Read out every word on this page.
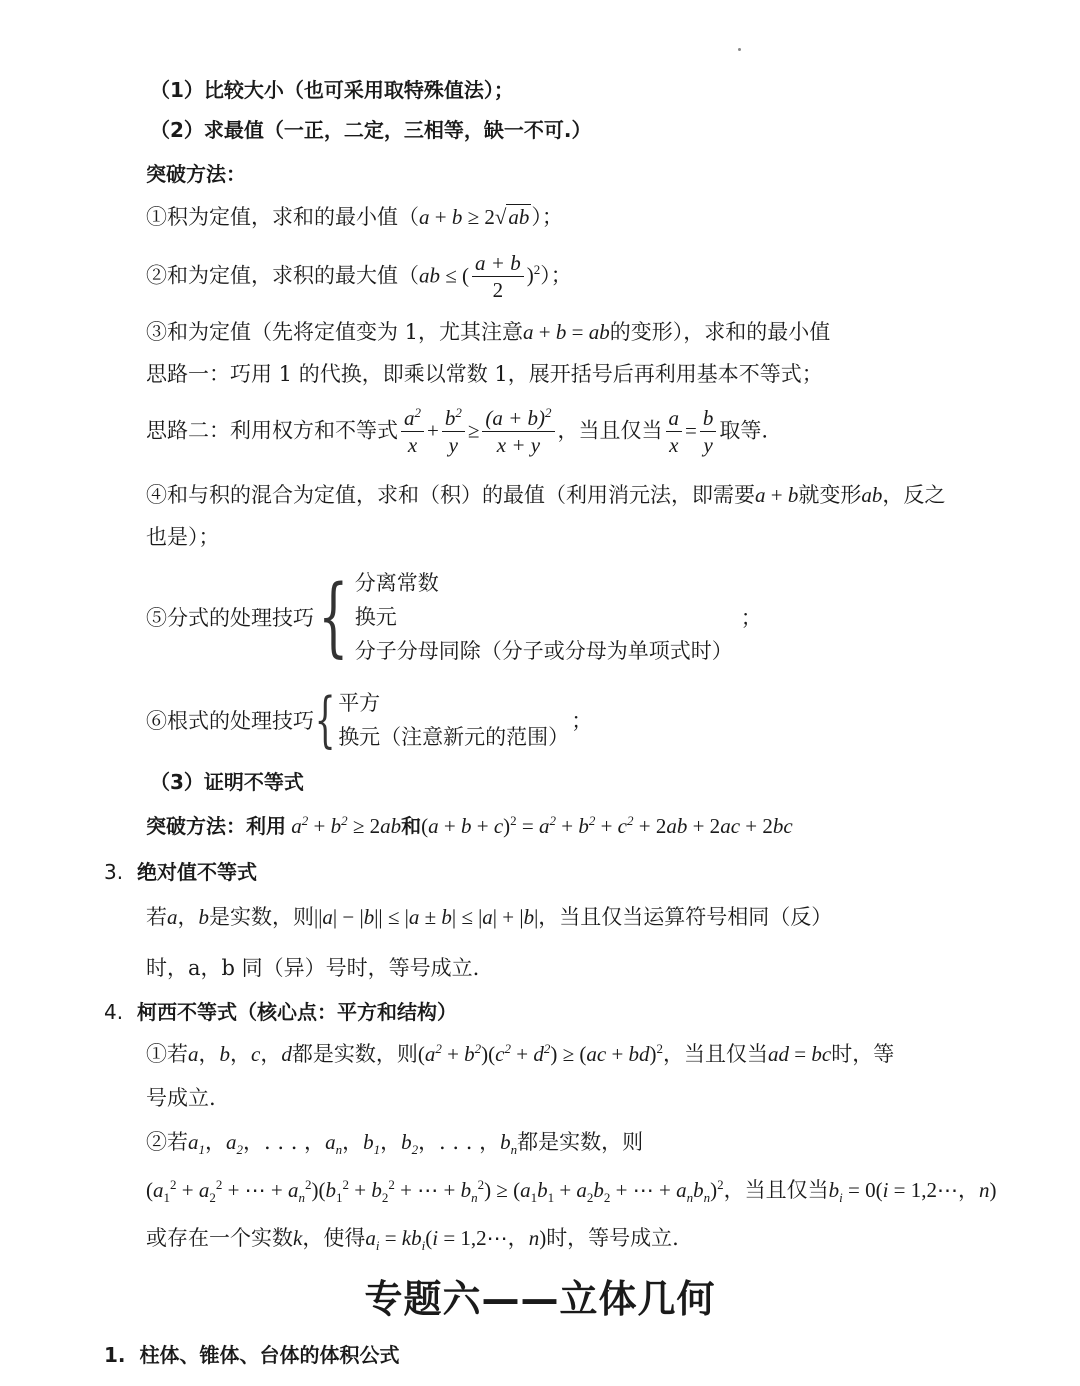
（1）比较大小（也可采用取特殊值法）；
（2）求最值（一正，二定，三相等，缺一不可.）
突破方法：
①积为定值，求和的最小值（a + b ≥ 2√ab）；
②和为定值，求积的最大值（ab ≤ ( $\frac{a + b}{2} )^2$）；
③和为定值（先将定值变为 1，尤其注意a + b = ab的变形），求和的最小值
思路一：巧用 1 的代换，即乘以常数 1，展开括号后再利用基本不等式；
思路二：利用权方和不等式 $\frac{a^2}{x} + \frac{b^2}{y} \ge \frac{(a + b)^2}{x + y}$ ，当且仅当 $\frac{a}{x} = \frac{b}{y}$ 取等.
④和与积的混合为定值，求和（积）的最值（利用消元法，即需要a + b就变形ab，反之
也是）；
⑤分式的处理技巧 { 分离常数
换元
分子分母同除（分子或分母为单项式时）
；
⑥根式的处理技巧 { 平方
换元（注意新元的范围）
；
（3）证明不等式
突破方法：利用 $a^2 + b^2 \ge 2ab$和$(a + b + c)^2 = a^2 + b^2 + c^2 + 2ab + 2ac + 2bc$
3. 绝对值不等式
若a，b是实数，则||a| − |b|| ≤ |a ± b| ≤ |a| + |b|，当且仅当运算符号相同（反）
时，a，b 同（异）号时，等号成立.
4. 柯西不等式（核心点：平方和结构）
①若a，b，c，d都是实数，则$(a^2 + b^2)(c^2 + d^2) \ge (ac + bd)^2$，当且仅当ad = bc时，等
号成立.
②若$a_1$，$a_2$，. . . ，$a_n$，$b_1$，$b_2$，. . . ，$b_n$都是实数，则
($a_1^2 + a_2^2$ + ⋯ + $a_n^2)(b_1^2 + b_2^2$ + ⋯ + $b_n^2) \ge (a_1b_1 + a_2b_2$ + ⋯ + $a_nb_n)^2$，当且仅当$b_i = 0(i$ = 1,2⋯，n)
或存在一个实数k，使得$a_i = kb_i(i$ = 1,2⋯，n)时，等号成立.
专题六——立体几何
1. 柱体、锥体、台体的体积公式
